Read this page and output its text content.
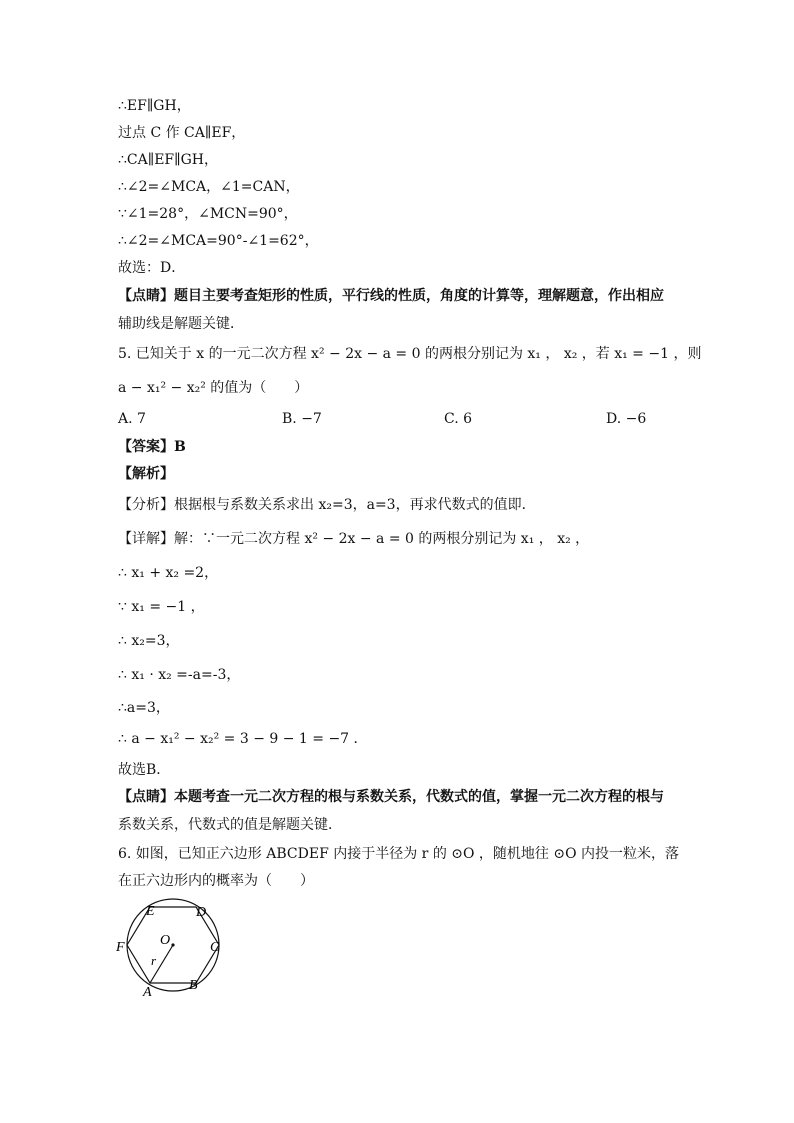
∴EF∥GH，
过点 C 作 CA∥EF，
∴CA∥EF∥GH，
∴∠2=∠MCA，∠1=CAN，
∵∠1=28°，∠MCN=90°，
∴∠2=∠MCA=90°-∠1=62°，
故选：D．
【点睛】题目主要考查矩形的性质，平行线的性质，角度的计算等，理解题意，作出相应
辅助线是解题关键．
5. 已知关于 x 的一元二次方程 x² − 2x − a = 0 的两根分别记为 x₁ ， x₂ ，若 x₁ = −1 ，则
a − x₁² − x₂² 的值为（　　）
A. 7	B. −7	C. 6	D. −6
【答案】B
【解析】
【分析】根据根与系数关系求出 x₂=3，a=3，再求代数式的值即．
【详解】解：∵一元二次方程 x² − 2x − a = 0 的两根分别记为 x₁ ， x₂ ，
∴ x₁ + x₂ =2，
∵ x₁ = −1 ，
∴ x₂=3，
∴ x₁ · x₂ =-a=-3，
∴a=3，
∴ a − x₁² − x₂² = 3 − 9 − 1 = −7 ．
故选B．
【点睛】本题考查一元二次方程的根与系数关系，代数式的值，掌握一元二次方程的根与
系数关系，代数式的值是解题关键．
6. 如图，已知正六边形 ABCDEF 内接于半径为 r 的 ⊙O ，随机地往 ⊙O 内投一粒米，落
在正六边形内的概率为（　　）
E	D
F	O	C
r
A	B
